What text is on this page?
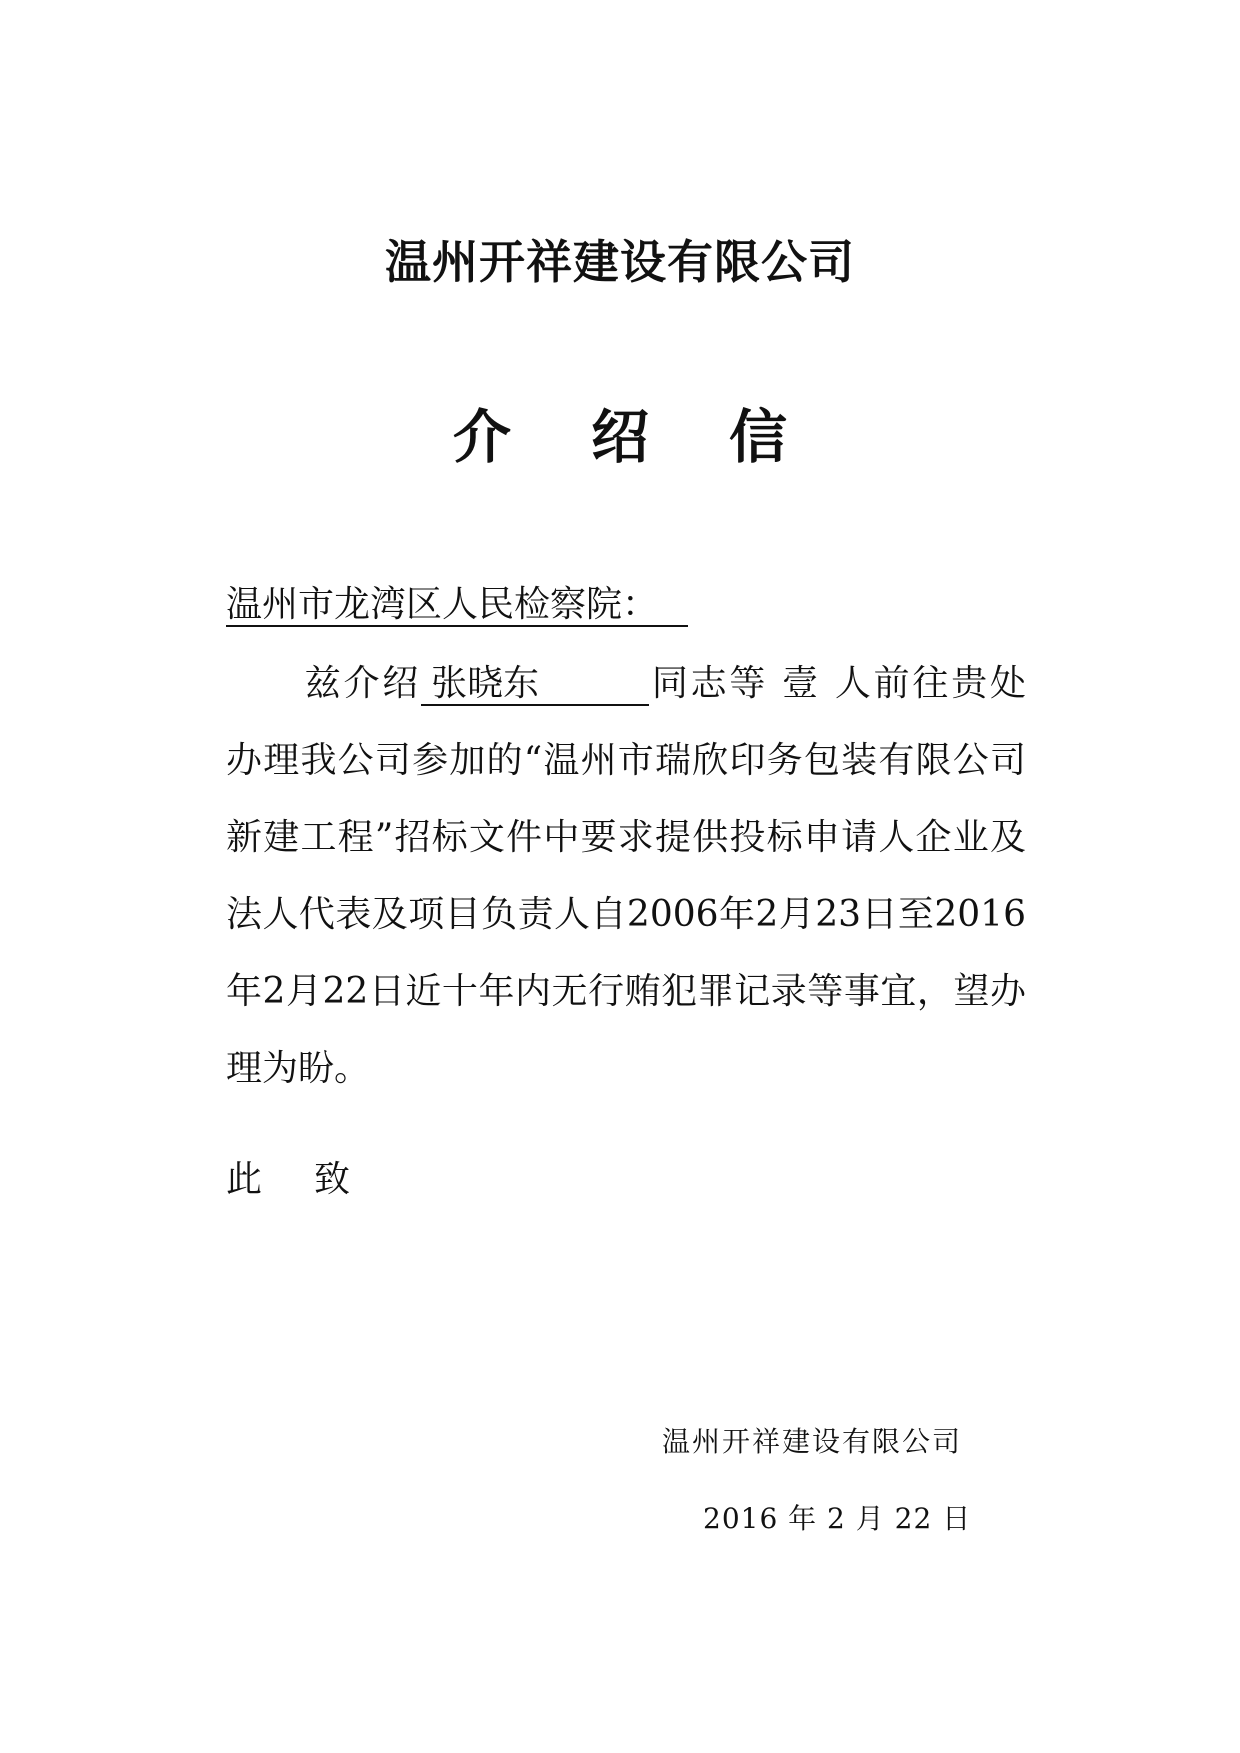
温州开祥建设有限公司
介绍信
温州市龙湾区人民检察院：

兹介绍 张晓东	同志等 壹 人前往贵处办理我公司参加的“温州市瑞欣印务包装有限公司新建工程”招标文件中要求提供投标申请人企业及法人代表及项目负责人自2006年2月23日至2016年2月22日近十年内无行贿犯罪记录等事宜，望办理为盼。

此致
温州开祥建设有限公司
2016 年 2 月 22 日
